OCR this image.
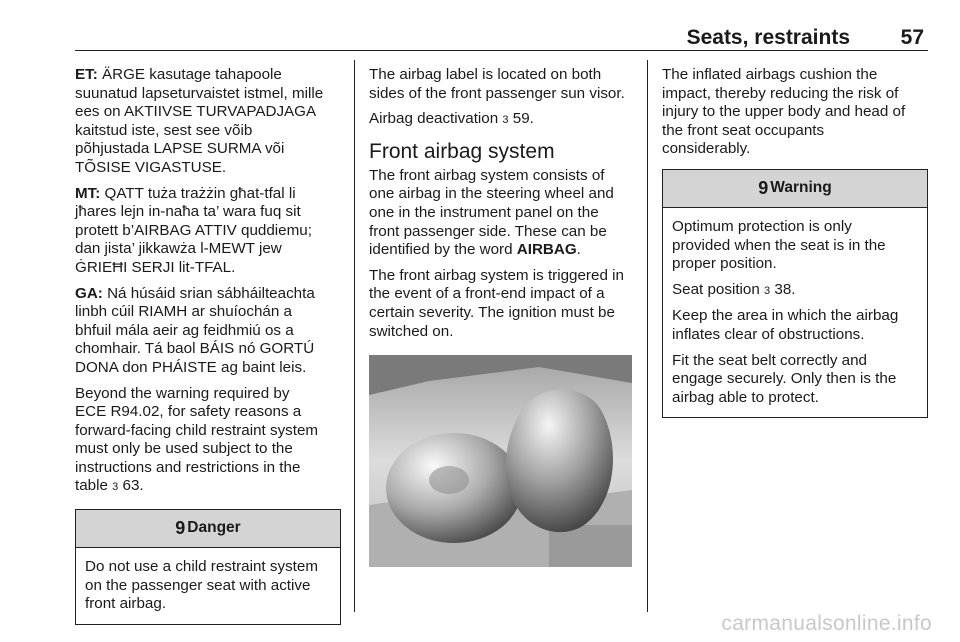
Seats, restraints 57

ET: ÄRGE kasutage tahapoole
suunatud lapseturvaistet istmel, mille
ees on AKTIIVSE TURVAPADJAGA
kaitstud iste, sest see võib
põhjustada LAPSE SURMA või
TÕSISE VIGASTUSE.

MT: QATT tuża trażżin għat-tfal li
jħares lejn in-naħa ta’ wara fuq sit
protett b’AIRBAG ATTIV quddiemu;
dan jista’ jikkawża l-MEWT jew
ĠRIEĦI SERJI lit-TFAL.

GA: Ná húsáid srian sábháilteachta
linbh cúil RIAMH ar shuíochán a
bhfuil mála aeir ag feidhmiú os a
chomhair. Tá baol BÁIS nó GORTÚ
DONA don PHÁISTE ag baint leis.

Beyond the warning required by
ECE R94.02, for safety reasons a
forward-facing child restraint system
must only be used subject to the
instructions and restrictions in the
table 3 63.

9 Danger

Do not use a child restraint system
on the passenger seat with active
front airbag.

The airbag label is located on both
sides of the front passenger sun visor.

Airbag deactivation 3 59.

Front airbag system

The front airbag system consists of
one airbag in the steering wheel and
one in the instrument panel on the
front passenger side. These can be
identified by the word AIRBAG.

The front airbag system is triggered in
the event of a front-end impact of a
certain severity. The ignition must be
switched on.

The inflated airbags cushion the
impact, thereby reducing the risk of
injury to the upper body and head of
the front seat occupants
considerably.

9 Warning

Optimum protection is only
provided when the seat is in the
proper position.

Seat position 3 38.

Keep the area in which the airbag
inflates clear of obstructions.

Fit the seat belt correctly and
engage securely. Only then is the
airbag able to protect.

carmanualsonline.info
